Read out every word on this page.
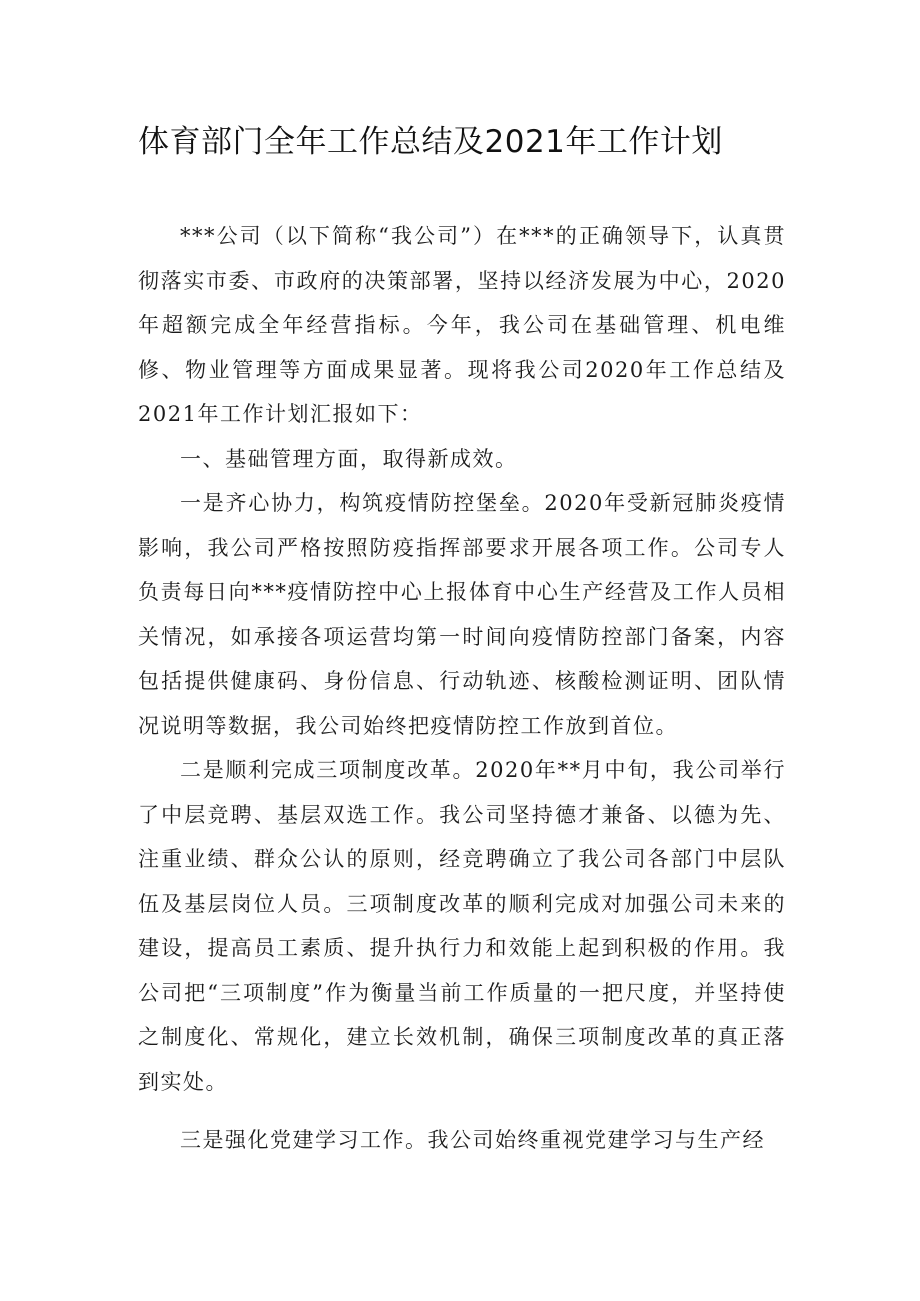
体育部门全年工作总结及2021年工作计划

***公司（以下简称“我公司”）在***的正确领导下，认真贯彻落实市委、市政府的决策部署，坚持以经济发展为中心，2020年超额完成全年经营指标。今年，我公司在基础管理、机电维修、物业管理等方面成果显著。现将我公司2020年工作总结及2021年工作计划汇报如下：

一、基础管理方面，取得新成效。

一是齐心协力，构筑疫情防控堡垒。2020年受新冠肺炎疫情影响，我公司严格按照防疫指挥部要求开展各项工作。公司专人负责每日向***疫情防控中心上报体育中心生产经营及工作人员相关情况，如承接各项运营均第一时间向疫情防控部门备案，内容包括提供健康码、身份信息、行动轨迹、核酸检测证明、团队情况说明等数据，我公司始终把疫情防控工作放到首位。

二是顺利完成三项制度改革。2020年**月中旬，我公司举行了中层竞聘、基层双选工作。我公司坚持德才兼备、以德为先、注重业绩、群众公认的原则，经竞聘确立了我公司各部门中层队伍及基层岗位人员。三项制度改革的顺利完成对加强公司未来的建设，提高员工素质、提升执行力和效能上起到积极的作用。我公司把“三项制度”作为衡量当前工作质量的一把尺度，并坚持使之制度化、常规化，建立长效机制，确保三项制度改革的真正落到实处。

三是强化党建学习工作。我公司始终重视党建学习与生产经
